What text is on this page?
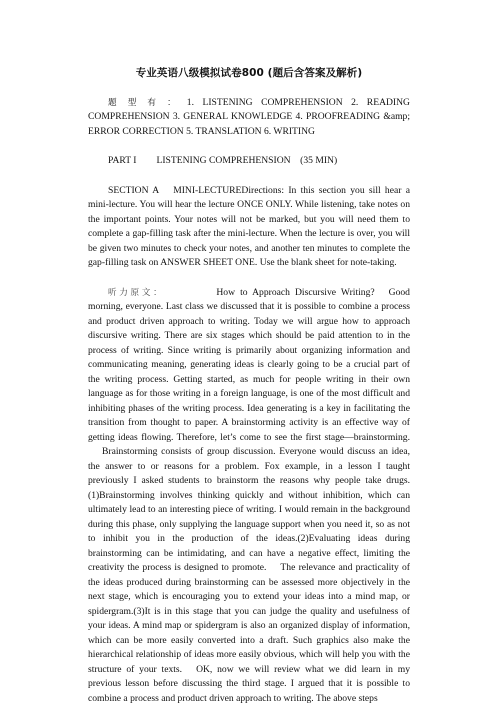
专业英语八级模拟试卷800 (题后含答案及解析)

题型有：1. LISTENING COMPREHENSION 2. READING COMPREHENSION 3. GENERAL KNOWLEDGE 4. PROOFREADING &amp; ERROR CORRECTION 5. TRANSLATION 6. WRITING

PART I LISTENING COMPREHENSION (35 MIN)

SECTION A MINI-LECTUREDirections: In this section you sill hear a mini-lecture. You will hear the lecture ONCE ONLY. While listening, take notes on the important points. Your notes will not be marked, but you will need them to complete a gap-filling task after the mini-lecture. When the lecture is over, you will be given two minutes to check your notes, and another ten minutes to complete the gap-filling task on ANSWER SHEET ONE. Use the blank sheet for note-taking.

听力原文：	How to Approach Discursive Writing? Good morning, everyone. Last class we discussed that it is possible to combine a process and product driven approach to writing. Today we will argue how to approach discursive writing. There are six stages which should be paid attention to in the process of writing. Since writing is primarily about organizing information and communicating meaning, generating ideas is clearly going to be a crucial part of the writing process. Getting started, as much for people writing in their own language as for those writing in a foreign language, is one of the most difficult and inhibiting phases of the writing process. Idea generating is a key in facilitating the transition from thought to paper. A brainstorming activity is an effective way of getting ideas flowing. Therefore, let’s come to see the first stage—brainstorming.Brainstorming consists of group discussion. Everyone would discuss an idea, the answer to or reasons for a problem. Fox example, in a lesson I taught previously I asked students to brainstorm the reasons why people take drugs.(1)Brainstorming involves thinking quickly and without inhibition, which can ultimately lead to an interesting piece of writing. I would remain in the background during this phase, only supplying the language support when you need it, so as not to inhibit you in the production of the ideas.(2)Evaluating ideas during brainstorming can be intimidating, and can have a negative effect, limiting the creativity the process is designed to promote. The relevance and practicality of the ideas produced during brainstorming can be assessed more objectively in the next stage, which is encouraging you to extend your ideas into a mind map, or spidergram.(3)It is in this stage that you can judge the quality and usefulness of your ideas. A mind map or spidergram is also an organized display of information, which can be more easily converted into a draft. Such graphics also make the hierarchical relationship of ideas more easily obvious, which will help you with the structure of your texts. OK, now we will review what we did learn in my previous lesson before discussing the third stage. I argued that it is possible to combine a process and product driven approach to writing. The above steps
